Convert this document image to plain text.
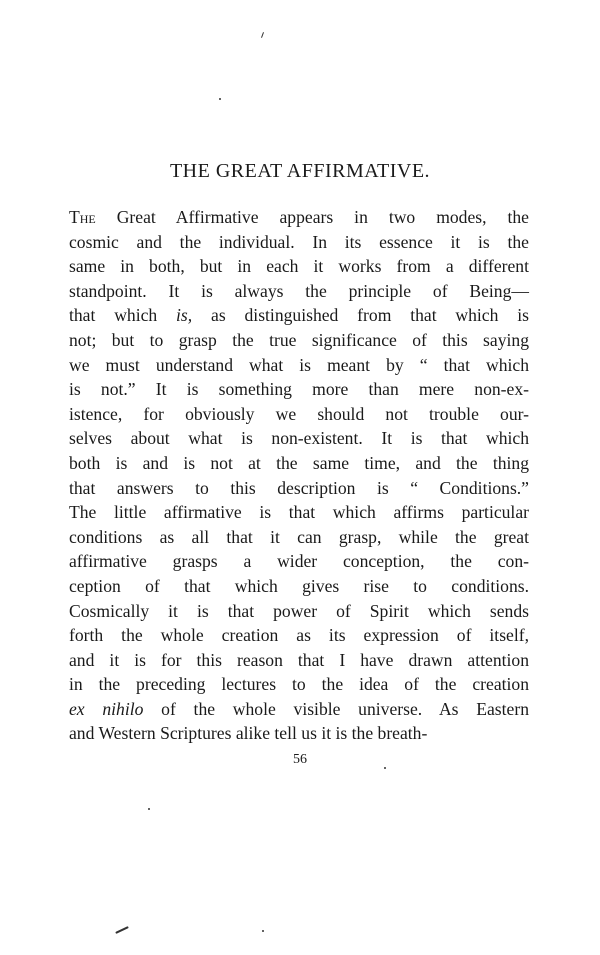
THE GREAT AFFIRMATIVE.
The Great Affirmative appears in two modes, the
cosmic and the individual. In its essence it is the
same in both, but in each it works from a different
standpoint. It is always the principle of Being—
that which is, as distinguished from that which is
not; but to grasp the true significance of this saying
we must understand what is meant by “ that which
is not.” It is something more than mere non-ex-
istence, for obviously we should not trouble our-
selves about what is non-existent. It is that which
both is and is not at the same time, and the thing
that answers to this description is “ Conditions.”
The little affirmative is that which affirms particular
conditions as all that it can grasp, while the great
affirmative grasps a wider conception, the con-
ception of that which gives rise to conditions.
Cosmically it is that power of Spirit which sends
forth the whole creation as its expression of itself,
and it is for this reason that I have drawn attention
in the preceding lectures to the idea of the creation
ex nihilo of the whole visible universe. As Eastern
and Western Scriptures alike tell us it is the breath-
56
